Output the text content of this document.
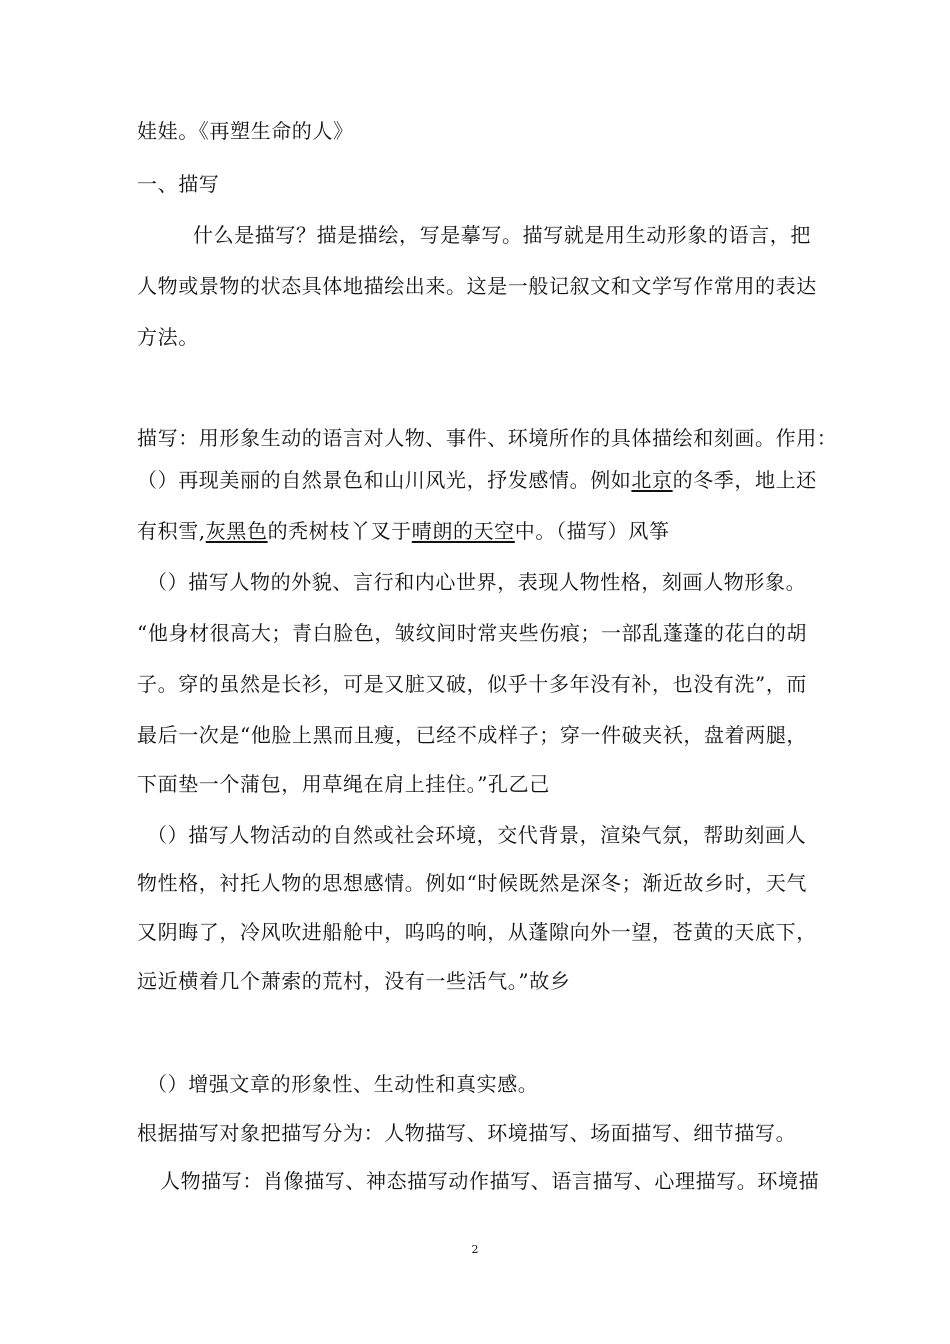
娃娃。《再塑生命的人》
一、描写
什么是描写？描是描绘，写是摹写。描写就是用生动形象的语言，把
人物或景物的状态具体地描绘出来。这是一般记叙文和文学写作常用的表达
方法。
描写：用形象生动的语言对人物、事件、环境所作的具体描绘和刻画。作用：
（）再现美丽的自然景色和山川风光，抒发感情。例如北京的冬季，地上还
有积雪,灰黑色的秃树枝丫叉于晴朗的天空中。（描写）风筝
（）描写人物的外貌、言行和内心世界，表现人物性格，刻画人物形象。
“他身材很高大；青白脸色，皱纹间时常夹些伤痕；一部乱蓬蓬的花白的胡
子。穿的虽然是长衫，可是又脏又破，似乎十多年没有补，也没有洗”，而
最后一次是“他脸上黑而且瘦，已经不成样子；穿一件破夹袄，盘着两腿，
下面垫一个蒲包，用草绳在肩上挂住。”孔乙己
（）描写人物活动的自然或社会环境，交代背景，渲染气氛，帮助刻画人
物性格，衬托人物的思想感情。例如“时候既然是深冬；渐近故乡时，天气
又阴晦了，冷风吹进船舱中，呜呜的响，从蓬隙向外一望，苍黄的天底下，
远近横着几个萧索的荒村，没有一些活气。”故乡
（）增强文章的形象性、生动性和真实感。
根据描写对象把描写分为：人物描写、环境描写、场面描写、细节描写。
人物描写：肖像描写、神态描写动作描写、语言描写、心理描写。环境描
2
